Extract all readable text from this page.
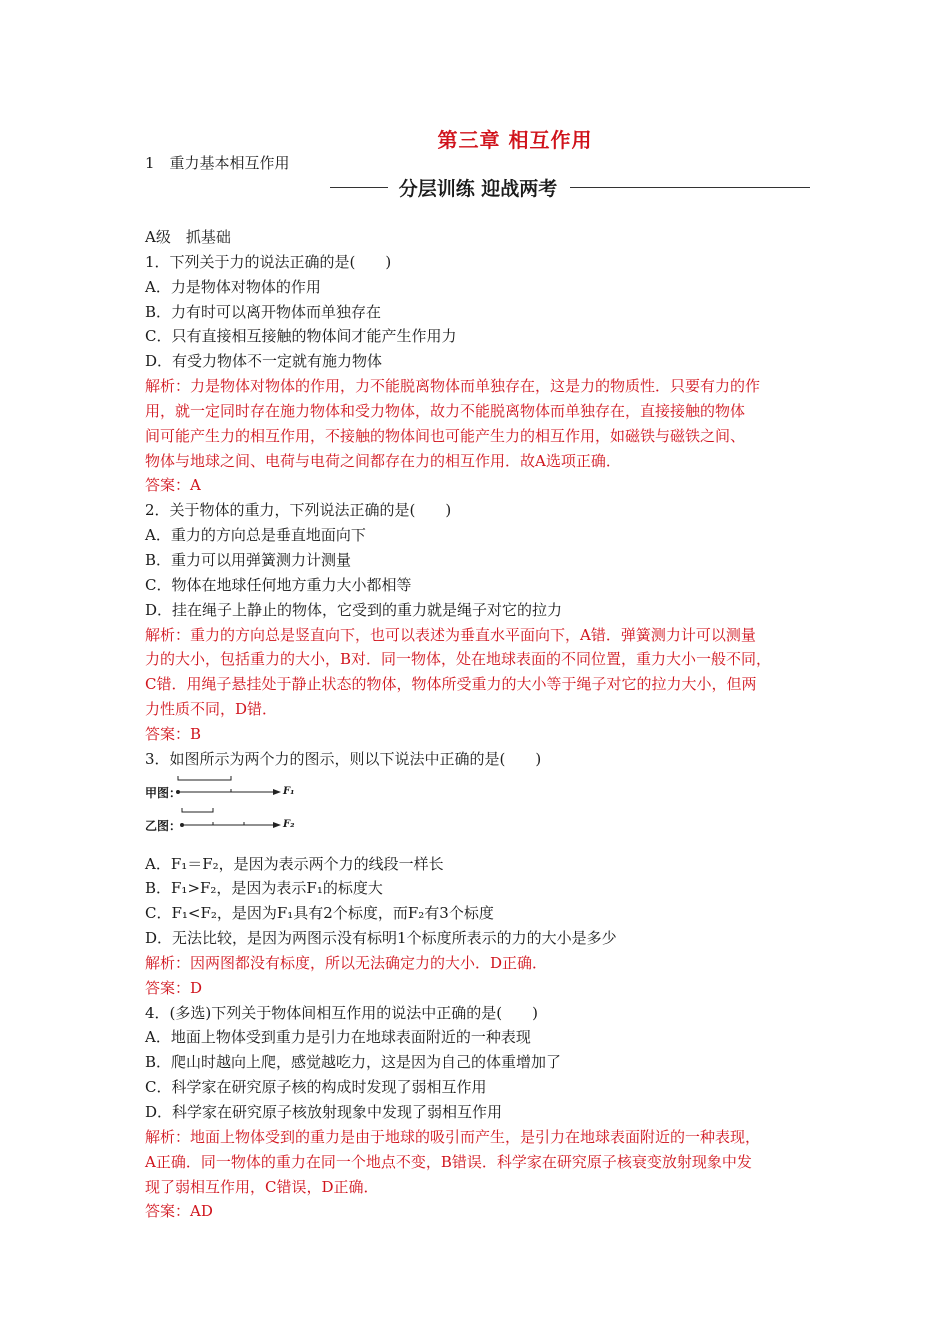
第三章 相互作用
1　重力基本相互作用
分层训练 迎战两考
A级　抓基础
1．下列关于力的说法正确的是(　　)
A．力是物体对物体的作用
B．力有时可以离开物体而单独存在
C．只有直接相互接触的物体间才能产生作用力
D．有受力物体不一定就有施力物体
解析：力是物体对物体的作用，力不能脱离物体而单独存在，这是力的物质性．只要有力的作
用，就一定同时存在施力物体和受力物体，故力不能脱离物体而单独存在，直接接触的物体
间可能产生力的相互作用，不接触的物体间也可能产生力的相互作用，如磁铁与磁铁之间、
物体与地球之间、电荷与电荷之间都存在力的相互作用．故A选项正确．
答案：A
2．关于物体的重力，下列说法正确的是(　　)
A．重力的方向总是垂直地面向下
B．重力可以用弹簧测力计测量
C．物体在地球任何地方重力大小都相等
D．挂在绳子上静止的物体，它受到的重力就是绳子对它的拉力
解析：重力的方向总是竖直向下，也可以表述为垂直水平面向下，A错．弹簧测力计可以测量
力的大小，包括重力的大小，B对．同一物体，处在地球表面的不同位置，重力大小一般不同，
C错．用绳子悬挂处于静止状态的物体，物体所受重力的大小等于绳子对它的拉力大小，但两
力性质不同，D错．
答案：B
3．如图所示为两个力的图示，则以下说法中正确的是(　　)
甲图：	F₁
乙图：	F₂
A．F₁＝F₂，是因为表示两个力的线段一样长
B．F₁>F₂，是因为表示F₁的标度大
C．F₁<F₂，是因为F₁具有2个标度，而F₂有3个标度
D．无法比较，是因为两图示没有标明1个标度所表示的力的大小是多少
解析：因两图都没有标度，所以无法确定力的大小．D正确．
答案：D
4．(多选)下列关于物体间相互作用的说法中正确的是(　　)
A．地面上物体受到重力是引力在地球表面附近的一种表现
B．爬山时越向上爬，感觉越吃力，这是因为自己的体重增加了
C．科学家在研究原子核的构成时发现了弱相互作用
D．科学家在研究原子核放射现象中发现了弱相互作用
解析：地面上物体受到的重力是由于地球的吸引而产生，是引力在地球表面附近的一种表现，
A正确．同一物体的重力在同一个地点不变，B错误．科学家在研究原子核衰变放射现象中发
现了弱相互作用，C错误，D正确．
答案：AD
